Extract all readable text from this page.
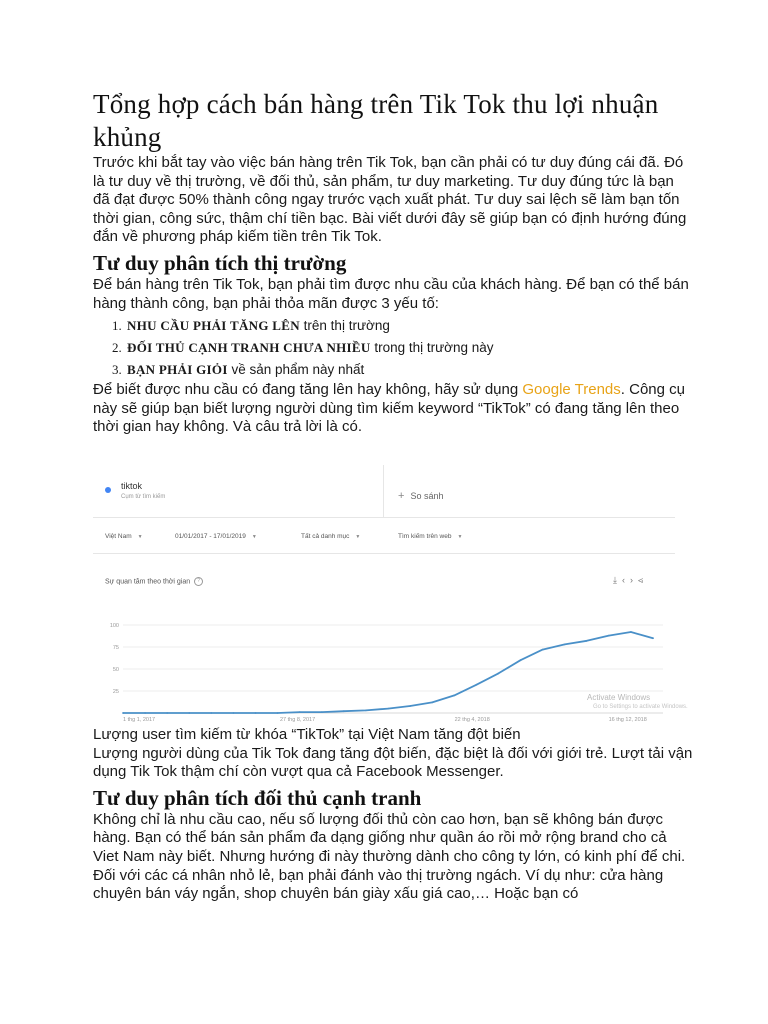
Tổng hợp cách bán hàng trên Tik Tok thu lợi nhuận khủng

Trước khi bắt tay vào việc bán hàng trên Tik Tok, bạn cần phải có tư duy đúng cái đã. Đó là tư duy về thị trường, về đối thủ, sản phẩm, tư duy marketing. Tư duy đúng tức là bạn đã đạt được 50% thành công ngay trước vạch xuất phát. Tư duy sai lệch sẽ làm bạn tốn thời gian, công sức, thậm chí tiền bạc. Bài viết dưới đây sẽ giúp bạn có định hướng đúng đắn về phương pháp kiếm tiền trên Tik Tok.

Tư duy phân tích thị trường

Để bán hàng trên Tik Tok, bạn phải tìm được nhu cầu của khách hàng. Để bạn có thể bán hàng thành công, bạn phải thỏa mãn được 3 yếu tố:

1. NHU CẦU PHẢI TĂNG LÊN trên thị trường
2. ĐỐI THỦ CẠNH TRANH CHƯA NHIỀU trong thị trường này
3. BẠN PHẢI GIỎI về sản phẩm này nhất

Để biết được nhu cầu có đang tăng lên hay không, hãy sử dụng Google Trends. Công cụ này sẽ giúp bạn biết lượng người dùng tìm kiếm keyword “TikTok” có đang tăng lên theo thời gian hay không. Và câu trả lời là có.

tiktok
Cụm từ tìm kiếm	+ So sánh
Việt Nam ▼	01/01/2017 - 17/01/2019 ▼	Tất cả danh mục ▼	Tìm kiếm trên web ▼
Sự quan tâm theo thời gian ?	⤓‹›⋖
100
75
50
25
1 thg 1, 2017	27 thg 8, 2017	22 thg 4, 2018	16 thg 12, 2018
Activate Windows
Go to Settings to activate Windows.

Lượng user tìm kiếm từ khóa “TikTok” tại Việt Nam tăng đột biến

Lượng người dùng của Tik Tok đang tăng đột biến, đặc biệt là đối với giới trẻ. Lượt tải vận dụng Tik Tok thậm chí còn vượt qua cả Facebook Messenger.

Tư duy phân tích đối thủ cạnh tranh

Không chỉ là nhu cầu cao, nếu số lượng đối thủ còn cao hơn, bạn sẽ không bán được hàng. Bạn có thể bán sản phẩm đa dạng giống như quần áo rồi mở rộng brand cho cả Viet Nam này biết. Nhưng hướng đi này thường dành cho công ty lớn, có kinh phí để chi.

Đối với các cá nhân nhỏ lẻ, bạn phải đánh vào thị trường ngách. Ví dụ như: cửa hàng chuyên bán váy ngắn, shop chuyên bán giày xấu giá cao,… Hoặc bạn có
